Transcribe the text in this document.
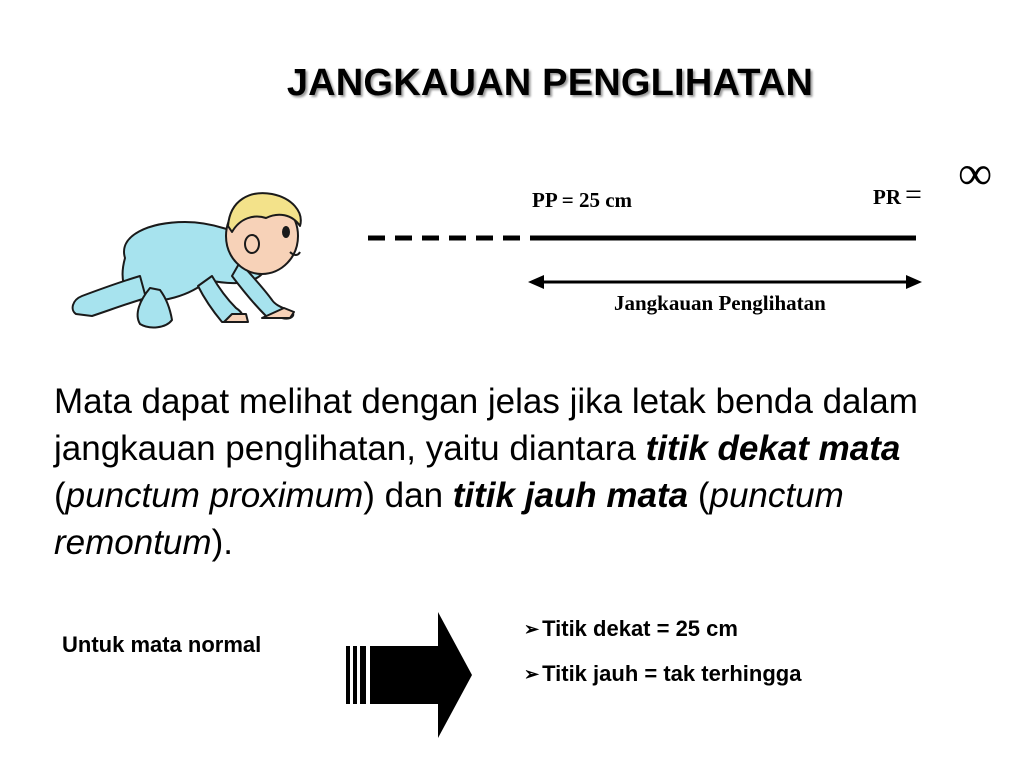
JANGKAUAN PENGLIHATAN
PP = 25 cm	PR = ∞
Jangkauan Penglihatan
Mata dapat melihat dengan jelas jika letak benda dalam jangkauan penglihatan, yaitu diantara titik dekat mata (punctum proximum) dan titik jauh mata (punctum remontum).
Untuk mata normal
➢ Titik dekat = 25 cm
➢ Titik jauh = tak terhingga
